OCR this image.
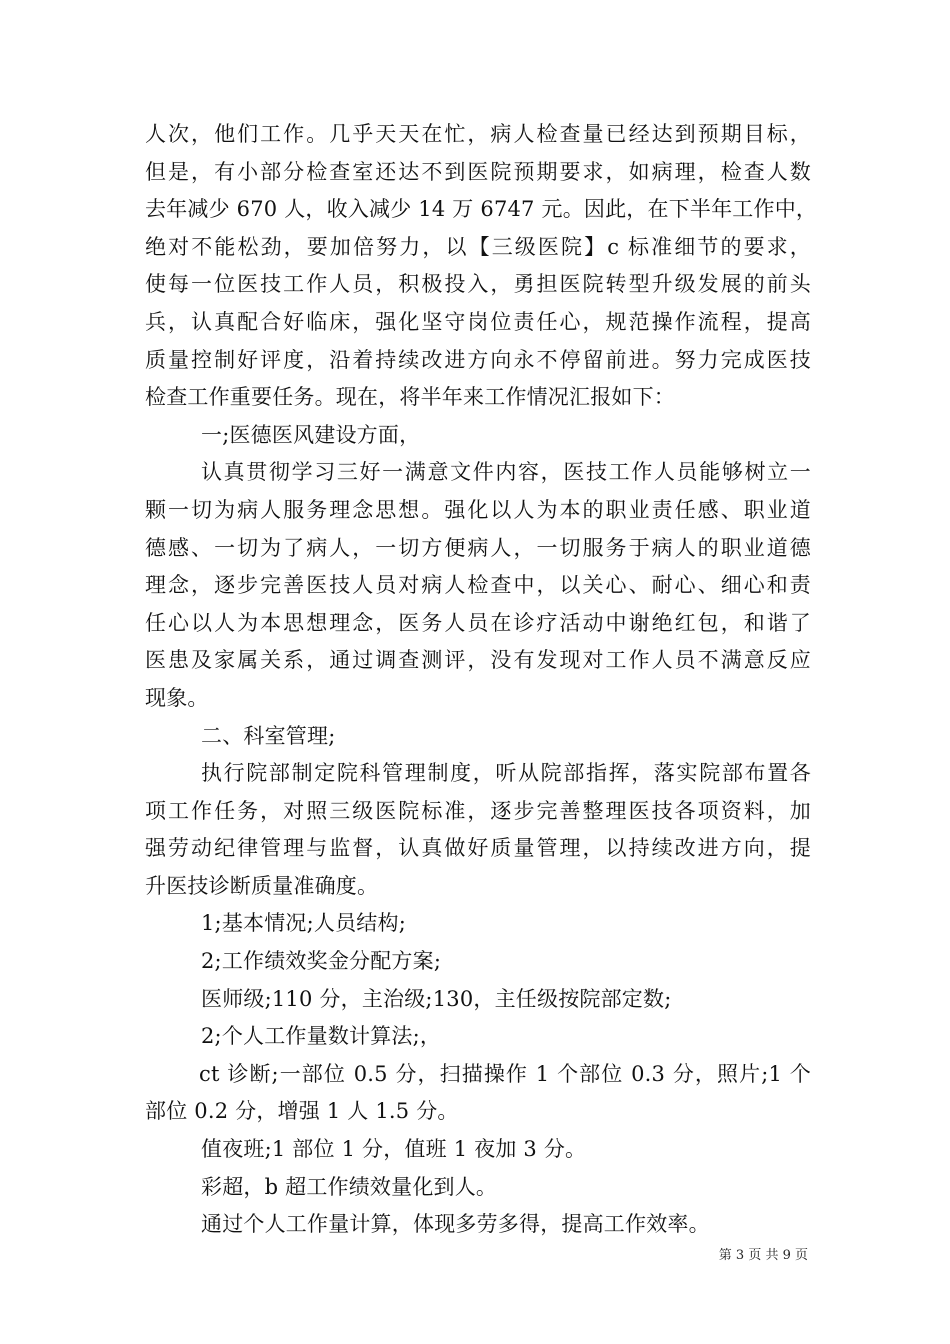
人次，他们工作。几乎天天在忙，病人检查量已经达到预期目标，
但是，有小部分检查室还达不到医院预期要求，如病理，检查人数
去年减少 670 人，收入减少 14 万 6747 元。因此，在下半年工作中，
绝对不能松劲，要加倍努力，以【三级医院】c 标准细节的要求，
使每一位医技工作人员，积极投入，勇担医院转型升级发展的前头
兵，认真配合好临床，强化坚守岗位责任心，规范操作流程，提高
质量控制好评度，沿着持续改进方向永不停留前进。努力完成医技
检查工作重要任务。现在，将半年来工作情况汇报如下：
一;医德医风建设方面，
认真贯彻学习三好一满意文件内容，医技工作人员能够树立一
颗一切为病人服务理念思想。强化以人为本的职业责任感、职业道
德感、一切为了病人，一切方便病人，一切服务于病人的职业道德
理念，逐步完善医技人员对病人检查中，以关心、耐心、细心和责
任心以人为本思想理念，医务人员在诊疗活动中谢绝红包，和谐了
医患及家属关系，通过调查测评，没有发现对工作人员不满意反应
现象。
二、科室管理;
执行院部制定院科管理制度，听从院部指挥，落实院部布置各
项工作任务，对照三级医院标准，逐步完善整理医技各项资料，加
强劳动纪律管理与监督，认真做好质量管理，以持续改进方向，提
升医技诊断质量准确度。
1;基本情况;人员结构;
2;工作绩效奖金分配方案;
医师级;110 分，主治级;130，主任级按院部定数;
2;个人工作量数计算法;，
ct 诊断;一部位 0.5 分，扫描操作 1 个部位 0.3 分，照片;1 个
部位 0.2 分，增强 1 人 1.5 分。
值夜班;1 部位 1 分，值班 1 夜加 3 分。
彩超，b 超工作绩效量化到人。
通过个人工作量计算，体现多劳多得，提高工作效率。
第 3 页 共 9 页
